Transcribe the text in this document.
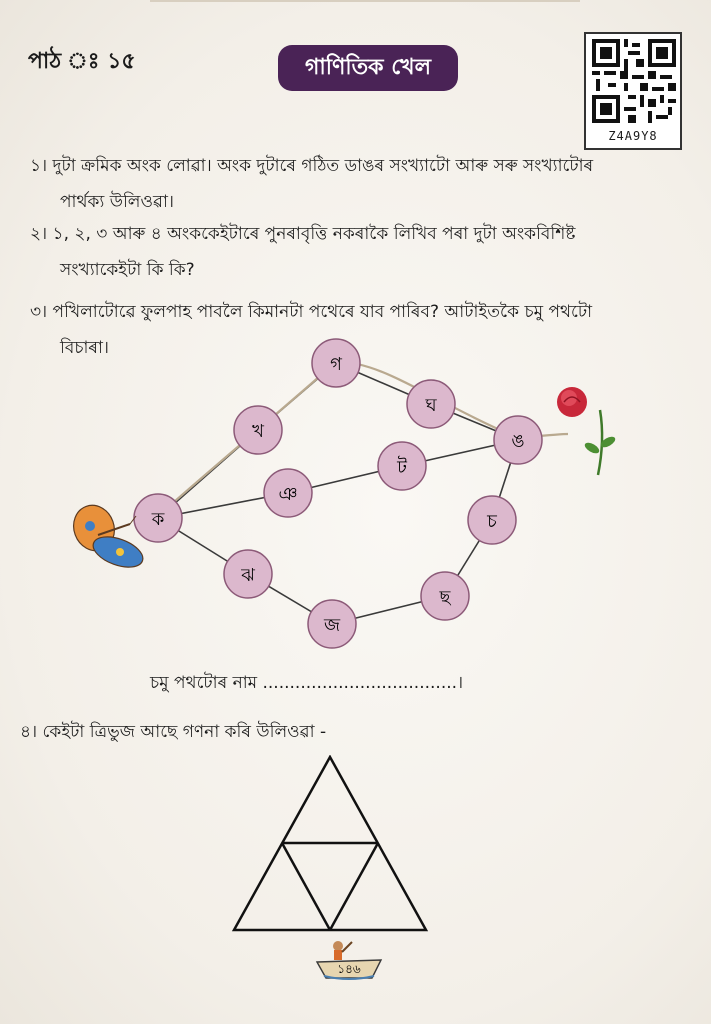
পাঠ ঃ ১৫	গাণিতিক খেল
Z4A9Y8
১। দুটা ক্ৰমিক অংক লোৱা। অংক দুটাৰে গঠিত ডাঙৰ সংখ্যাটো আৰু সৰু সংখ্যাটোৰ
পাৰ্থক্য উলিওৱা।
২। ১, ২, ৩ আৰু ৪ অংককেইটাৰে পুনৰাবৃত্তি নকৰাকৈ লিখিব পৰা দুটা অংকবিশিষ্ট
সংখ্যাকেইটা কি কি?
৩। পখিলাটোৱে ফুলপাহ পাবলৈ কিমানটা পথেৰে যাব পাৰিব? আটাইতকৈ চমু পথটো
বিচাৰা।
ক
খ
গ
ঘ
ঙ
ঞ
ট
চ
ছ
জ
ঝ
চমু পথটোৰ নাম ....................................।
৪। কেইটা ত্ৰিভুজ আছে গণনা কৰি উলিওৱা -
১৪৬
